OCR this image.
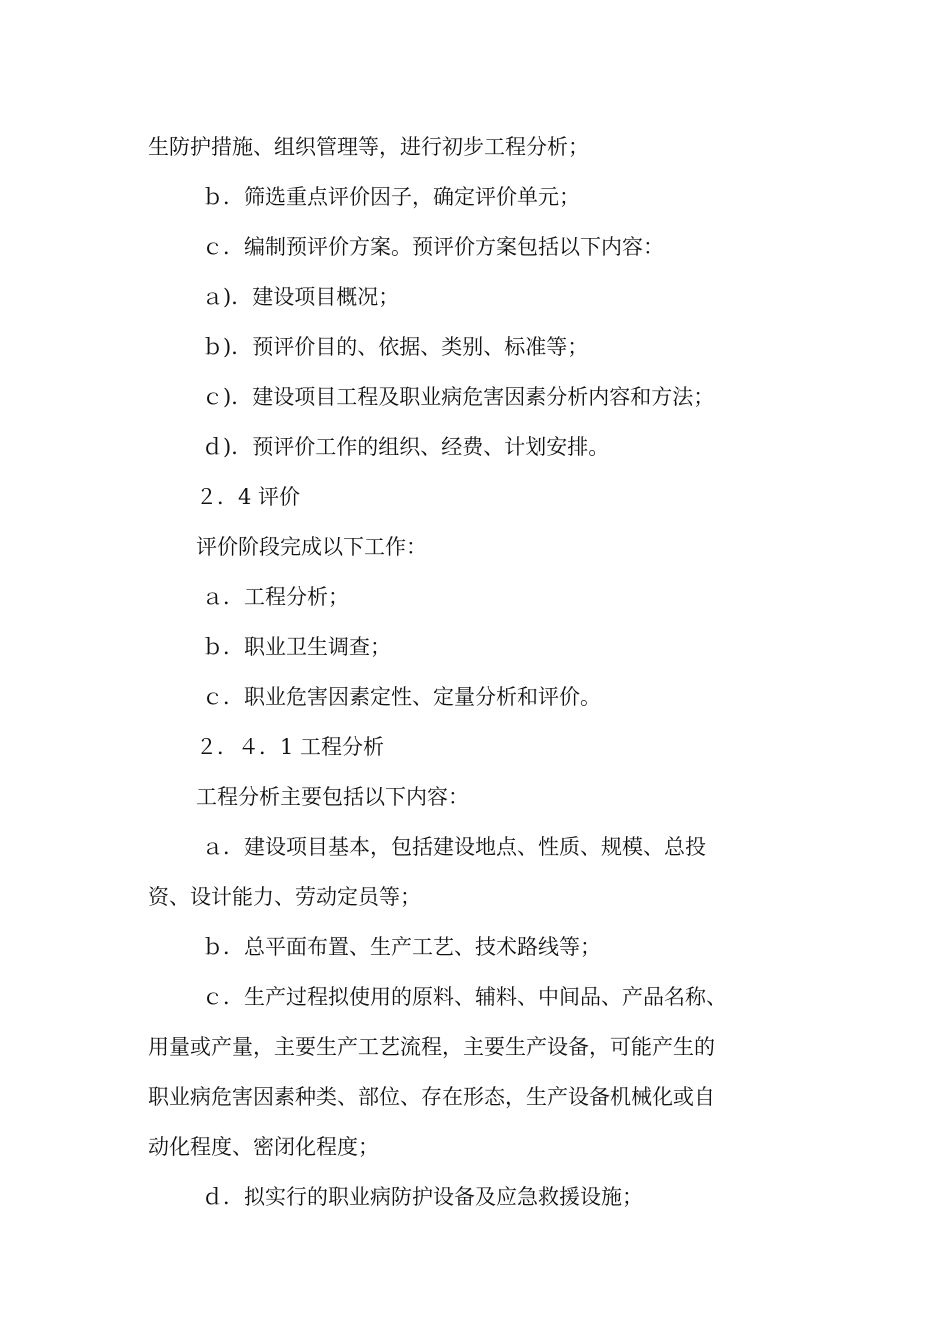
生防护措施、组织管理等，进行初步工程分析；

ｂ．筛选重点评价因子，确定评价单元；

ｃ．编制预评价方案。预评价方案包括以下内容：

ａ)．建设项目概况；

ｂ)．预评价目的、依据、类别、标准等；

ｃ)．建设项目工程及职业病危害因素分析内容和方法；

ｄ)．预评价工作的组织、经费、计划安排。

２．4 评价

评价阶段完成以下工作：

ａ．工程分析；

ｂ．职业卫生调查；

ｃ．职业危害因素定性、定量分析和评价。

２．４．1 工程分析

工程分析主要包括以下内容：

ａ．建设项目基本，包括建设地点、性质、规模、总投

资、设计能力、劳动定员等；

ｂ．总平面布置、生产工艺、技术路线等；

ｃ．生产过程拟使用的原料、辅料、中间品、产品名称、

用量或产量，主要生产工艺流程，主要生产设备，可能产生的

职业病危害因素种类、部位、存在形态，生产设备机械化或自

动化程度、密闭化程度；

ｄ．拟实行的职业病防护设备及应急救援设施；
